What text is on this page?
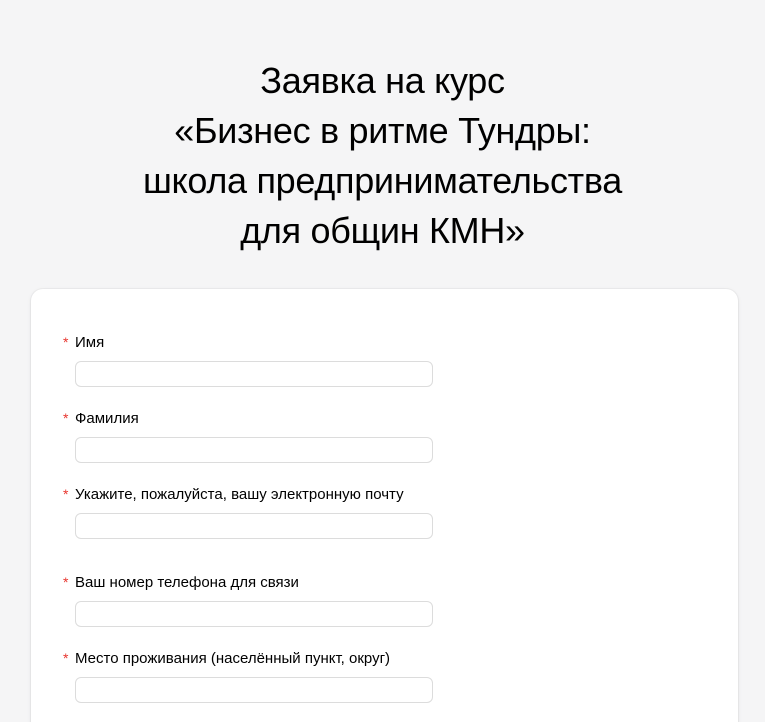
Заявка на курс
«Бизнес в ритме Тундры:
школа предпринимательства
для общин КМН»
* Имя
* Фамилия
* Укажите, пожалуйста, вашу электронную почту
* Ваш номер телефона для связи
* Место проживания (населённый пункт, округ)
